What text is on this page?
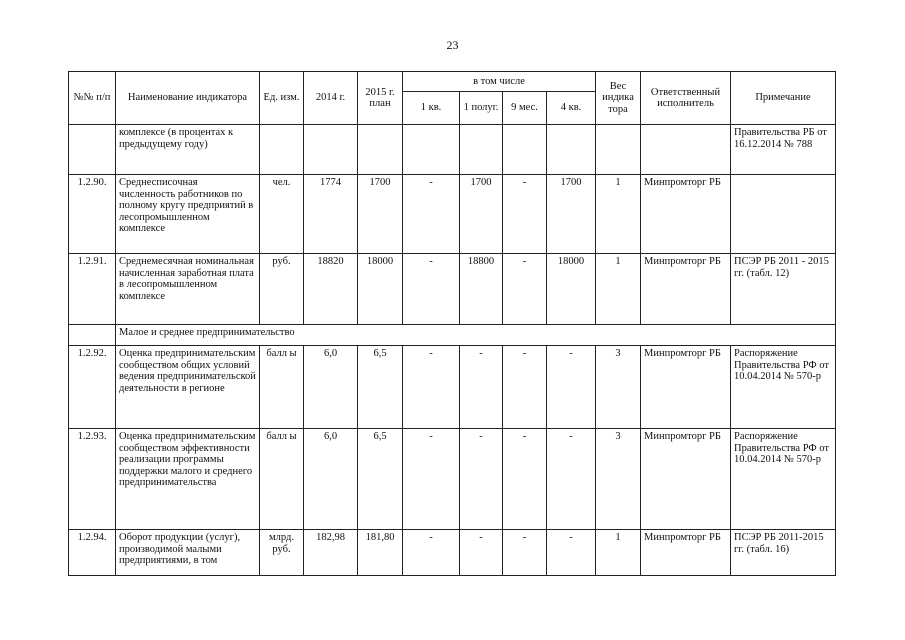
23
№№ п/п	Наименование индикатора	Ед. изм.	2014 г.	2015 г. план	в том числе				Вес индика тора	Ответственный исполнитель	Примечание
					1 кв.	1 полуг.	9 мес.	4 кв.			
	комплексе (в процентах к предыдущему году)										Правительства РБ от 16.12.2014 № 788
1.2.90.	Среднесписочная численность работников по полному кругу предприятий в лесопромышленном комплексе	чел.	1774	1700	-	1700	-	1700	1	Минпромторг РБ	
1.2.91.	Среднемесячная номинальная начисленная заработная плата в лесопромышленном комплексе	руб.	18820	18000	-	18800	-	18000	1	Минпромторг РБ	ПСЭР РБ 2011 - 2015 гг. (табл. 12)
	Малое и среднее предпринимательство										
1.2.92.	Оценка предпринимательским сообществом общих условий ведения предпринимательской деятельности в регионе	балл ы	6,0	6,5	-	-	-	-	3	Минпромторг РБ	Распоряжение Правительства РФ от 10.04.2014 № 570-р
1.2.93.	Оценка предпринимательским сообществом эффективности реализации программы поддержки малого и среднего предпринимательства	балл ы	6,0	6,5	-	-	-	-	3	Минпромторг РБ	Распоряжение Правительства РФ от 10.04.2014 № 570-р
1.2.94.	Оборот продукции (услуг), производимой малыми предприятиями, в том	млрд. руб.	182,98	181,80	-	-	-	-	1	Минпромторг РБ	ПСЭР РБ 2011-2015 гг. (табл. 16)
